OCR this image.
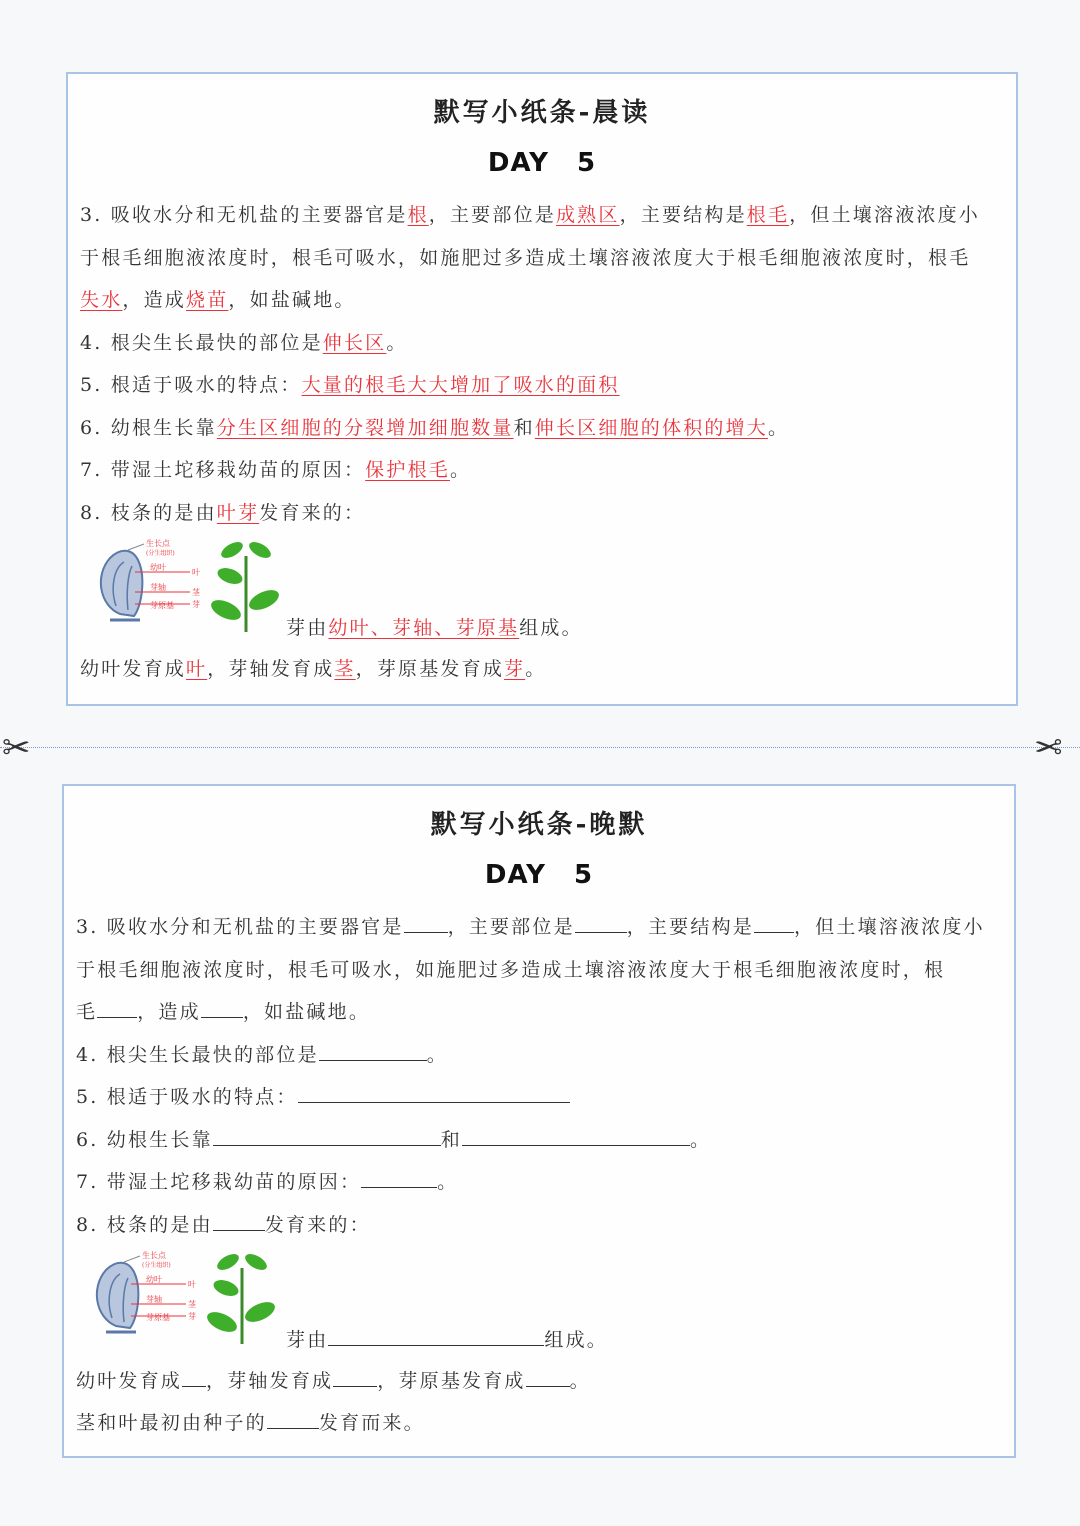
默写小纸条-晨读
DAY 5
3. 吸收水分和无机盐的主要器官是根，主要部位是成熟区，主要结构是根毛，但土壤溶液浓度小
于根毛细胞液浓度时，根毛可吸水，如施肥过多造成土壤溶液浓度大于根毛细胞液浓度时，根毛
失水，造成烧苗，如盐碱地。
4. 根尖生长最快的部位是伸长区。
5. 根适于吸水的特点：大量的根毛大大增加了吸水的面积
6. 幼根生长靠分生区细胞的分裂增加细胞数量和伸长区细胞的体积的增大。
7. 带湿土坨移栽幼苗的原因：保护根毛。
8. 枝条的是由叶芽发育来的：
生长点
(分生组织)
幼叶
叶
芽轴
茎
芽原基 芽
芽由幼叶、芽轴、芽原基组成。
幼叶发育成叶，芽轴发育成茎，芽原基发育成芽。
✂	✂
默写小纸条-晚默
DAY 5
3. 吸收水分和无机盐的主要器官是 ，主要部位是	，主要结构是 ，但土壤溶液浓度小
于根毛细胞液浓度时，根毛可吸水，如施肥过多造成土壤溶液浓度大于根毛细胞液浓度时，根
毛 ，造成 ，如盐碱地。
4. 根尖生长最快的部位是	。
5. 根适于吸水的特点：
6. 幼根生长靠	和	。
7. 带湿土坨移栽幼苗的原因：	。
8. 枝条的是由	发育来的：
生长点
(分生组织)
幼叶
叶
芽轴
茎
芽原基 芽
芽由	组成。
幼叶发育成 ，芽轴发育成 ，芽原基发育成 。
茎和叶最初由种子的	发育而来。
